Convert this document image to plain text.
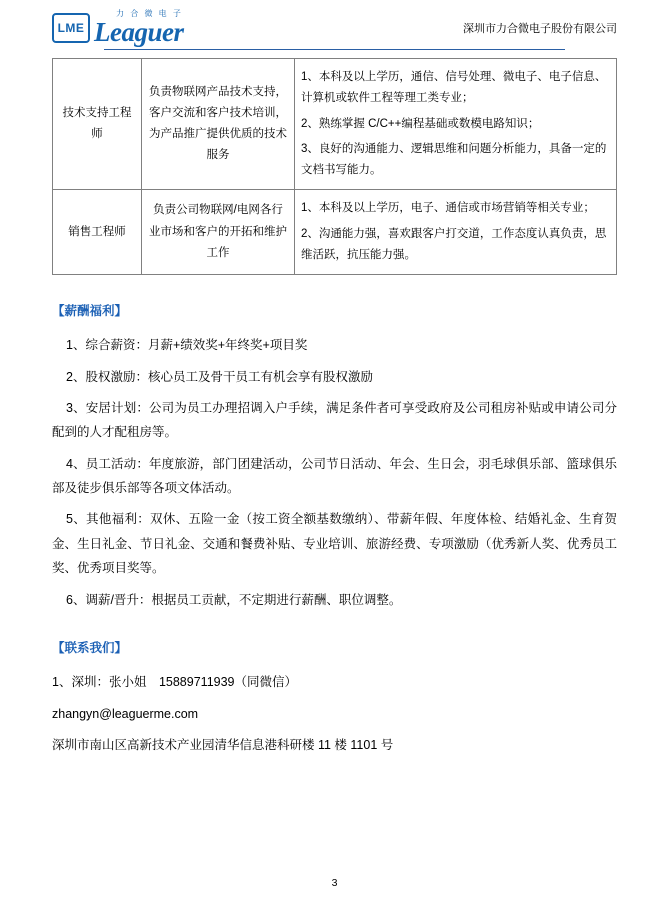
LME
力 合 微 电 子
Leaguer	深圳市力合微电子股份有限公司
技术支持工程师	负责物联网产品技术支持，客户交流和客户技术培训，为产品推广提供优质的技术服务	1、本科及以上学历，通信、信号处理、微电子、电子信息、计算机或软件工程等理工类专业；

2、熟练掌握 C/C++编程基础或数模电路知识；

3、良好的沟通能力、逻辑思维和问题分析能力，具备一定的文档书写能力。

销售工程师	负责公司物联网/电网各行业市场和客户的开拓和维护工作	1、本科及以上学历，电子、通信或市场营销等相关专业；

2、沟通能力强，喜欢跟客户打交道，工作态度认真负责，思维活跃，抗压能力强。

【薪酬福利】

1、综合薪资：月薪+绩效奖+年终奖+项目奖

2、股权激励：核心员工及骨干员工有机会享有股权激励

3、安居计划：公司为员工办理招调入户手续，满足条件者可享受政府及公司租房补贴或申请公司分配到的人才配租房等。

4、员工活动：年度旅游，部门团建活动，公司节日活动、年会、生日会，羽毛球俱乐部、篮球俱乐部及徒步俱乐部等各项文体活动。

5、其他福利：双休、五险一金（按工资全额基数缴纳）、带薪年假、年度体检、结婚礼金、生育贺金、生日礼金、节日礼金、交通和餐费补贴、专业培训、旅游经费、专项激励（优秀新人奖、优秀员工奖、优秀项目奖等。

6、调薪/晋升：根据员工贡献，不定期进行薪酬、职位调整。

【联系我们】

1、深圳：张小姐　15889711939（同微信）

zhangyn@leaguerme.com

深圳市南山区高新技术产业园清华信息港科研楼 11 楼 1101 号

3
